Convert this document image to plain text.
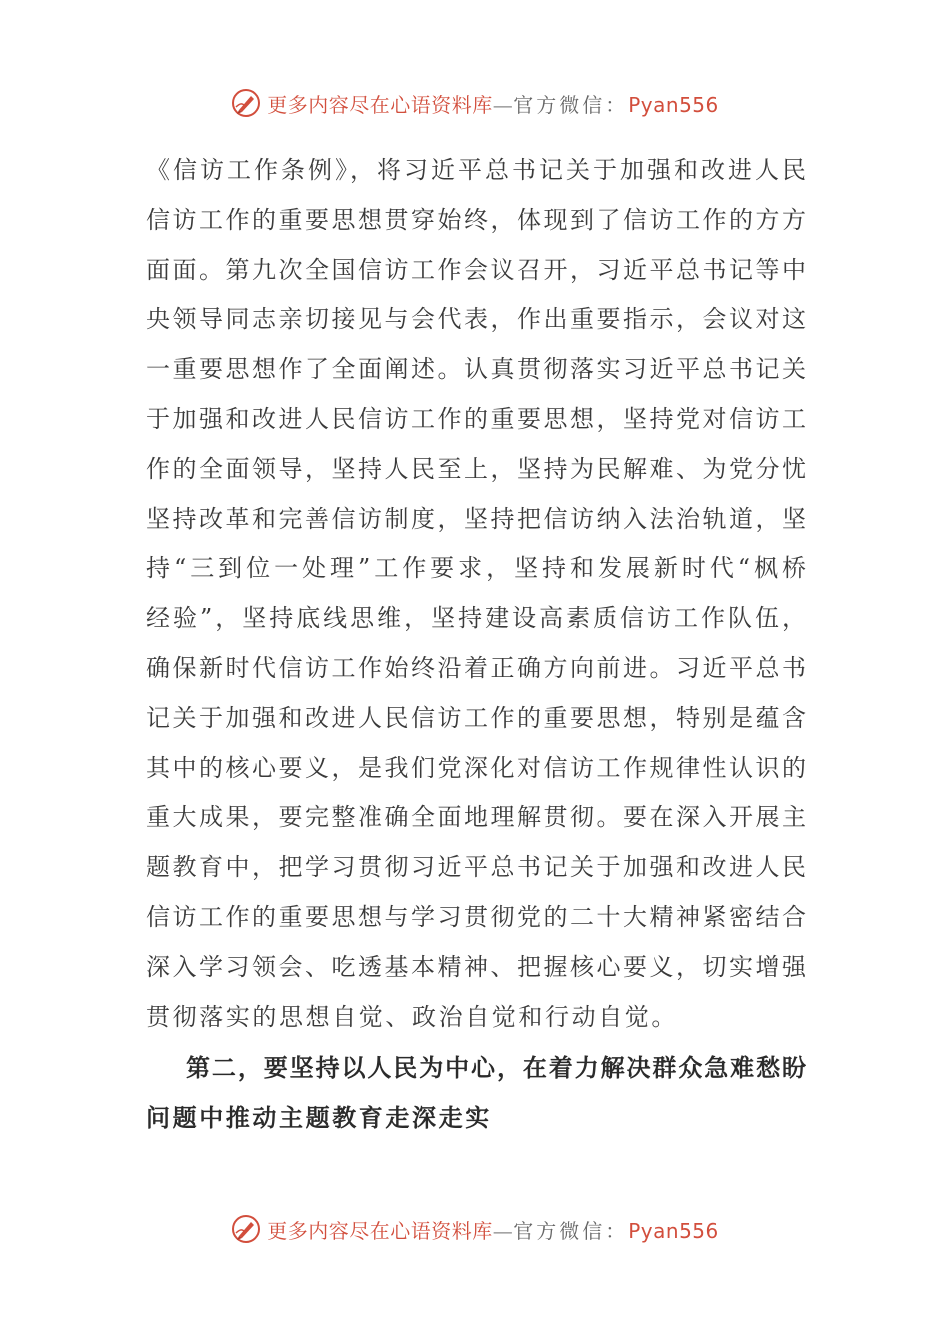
更多内容尽在心语资料库—官方微信：Pyan556
《信访工作条例》，将习近平总书记关于加强和改进人民
信访工作的重要思想贯穿始终，体现到了信访工作的方方
面面。第九次全国信访工作会议召开，习近平总书记等中
央领导同志亲切接见与会代表，作出重要指示，会议对这
一重要思想作了全面阐述。认真贯彻落实习近平总书记关
于加强和改进人民信访工作的重要思想，坚持党对信访工
作的全面领导，坚持人民至上，坚持为民解难、为党分忧
坚持改革和完善信访制度，坚持把信访纳入法治轨道，坚
持“三到位一处理”工作要求，坚持和发展新时代“枫桥
经验”，坚持底线思维，坚持建设高素质信访工作队伍，
确保新时代信访工作始终沿着正确方向前进。习近平总书
记关于加强和改进人民信访工作的重要思想，特别是蕴含
其中的核心要义，是我们党深化对信访工作规律性认识的
重大成果，要完整准确全面地理解贯彻。要在深入开展主
题教育中，把学习贯彻习近平总书记关于加强和改进人民
信访工作的重要思想与学习贯彻党的二十大精神紧密结合
深入学习领会、吃透基本精神、把握核心要义，切实增强
贯彻落实的思想自觉、政治自觉和行动自觉。
第二，要坚持以人民为中心，在着力解决群众急难愁盼
问题中推动主题教育走深走实
更多内容尽在心语资料库—官方微信：Pyan556
